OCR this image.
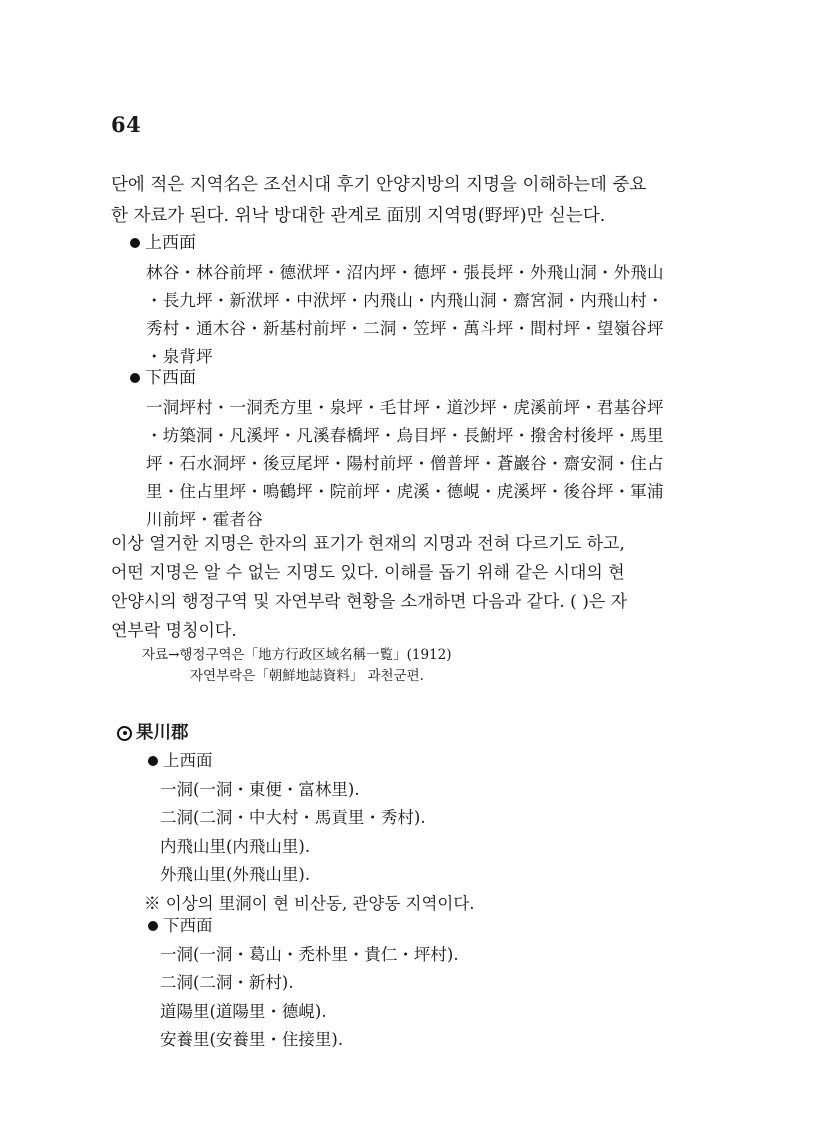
64

단에 적은 지역名은 조선시대 후기 안양지방의 지명을 이해하는데 중요

한 자료가 된다. 위낙 방대한 관계로 面別 지역명(野坪)만 싣는다.

上西面
林谷・林谷前坪・德洑坪・沼内坪・德坪・張長坪・外飛山洞・外飛山
・長九坪・新洑坪・中洑坪・内飛山・内飛山洞・齋宮洞・内飛山村・
秀村・通木谷・新基村前坪・二洞・笠坪・萬斗坪・間村坪・望嶺谷坪
・泉背坪
下西面
一洞坪村・一洞禿方里・泉坪・毛甘坪・道沙坪・虎溪前坪・君基谷坪
・坊築洞・凡溪坪・凡溪春橋坪・烏目坪・長鮒坪・撥舍村後坪・馬里
坪・石水洞坪・後豆尾坪・陽村前坪・僧普坪・蒼巖谷・齋安洞・住占
里・住占里坪・鳴鶴坪・院前坪・虎溪・德峴・虎溪坪・後谷坪・軍浦
川前坪・霍者谷

이상 열거한 지명은 한자의 표기가 현재의 지명과 전혀 다르기도 하고,

어떤 지명은 알 수 없는 지명도 있다. 이해를 돕기 위해 같은 시대의 현

안양시의 행정구역 및 자연부락 현황을 소개하면 다음과 같다. ( )은 자

연부락 명칭이다.

자료→행정구역은「地方行政区域名稱一覧」(1912)
자연부락은「朝鮮地誌資料」 과천군편.
果川郡
上西面
一洞(一洞・東便・富林里).
二洞(二洞・中大村・馬貢里・秀村).
内飛山里(内飛山里).
外飛山里(外飛山里).
※ 이상의 里洞이 현 비산동, 관양동 지역이다.
下西面
一洞(一洞・葛山・禿朴里・貴仁・坪村).
二洞(二洞・新村).
道陽里(道陽里・德峴).
安養里(安養里・住接里).
